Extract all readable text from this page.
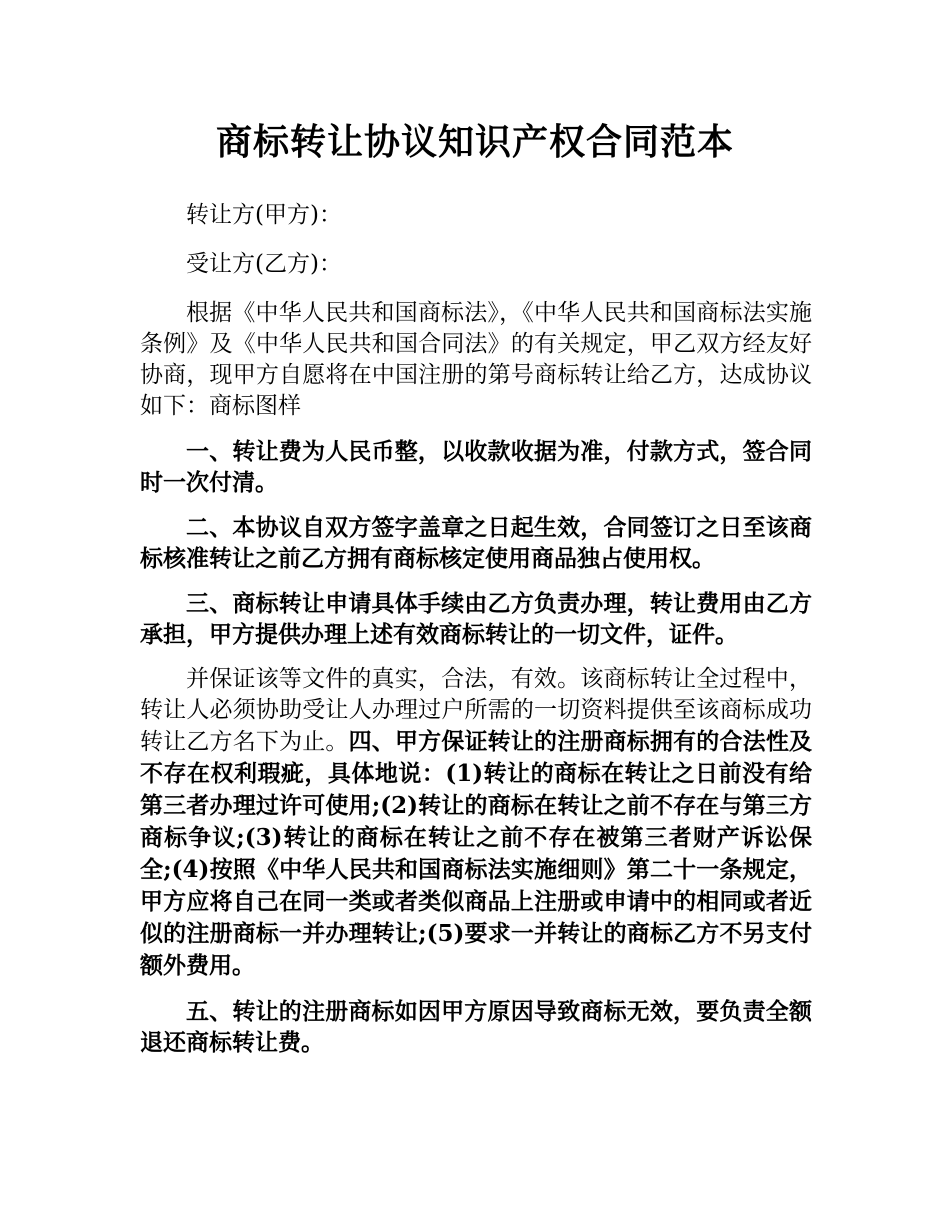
商标转让协议知识产权合同范本

转让方(甲方)：

受让方(乙方)：

根据《中华人民共和国商标法》，《中华人民共和国商标法实施条例》及《中华人民共和国合同法》的有关规定，甲乙双方经友好协商，现甲方自愿将在中国注册的第号商标转让给乙方，达成协议如下：商标图样

一、转让费为人民币整，以收款收据为准，付款方式，签合同时一次付清。

二、本协议自双方签字盖章之日起生效，合同签订之日至该商标核准转让之前乙方拥有商标核定使用商品独占使用权。

三、商标转让申请具体手续由乙方负责办理，转让费用由乙方承担，甲方提供办理上述有效商标转让的一切文件，证件。

并保证该等文件的真实，合法，有效。该商标转让全过程中，转让人必须协助受让人办理过户所需的一切资料提供至该商标成功转让乙方名下为止。四、甲方保证转让的注册商标拥有的合法性及不存在权利瑕疵，具体地说：(1)转让的商标在转让之日前没有给第三者办理过许可使用;(2)转让的商标在转让之前不存在与第三方商标争议;(3)转让的商标在转让之前不存在被第三者财产诉讼保全;(4)按照《中华人民共和国商标法实施细则》第二十一条规定，甲方应将自己在同一类或者类似商品上注册或申请中的相同或者近似的注册商标一并办理转让;(5)要求一并转让的商标乙方不另支付额外费用。

五、转让的注册商标如因甲方原因导致商标无效，要负责全额退还商标转让费。
